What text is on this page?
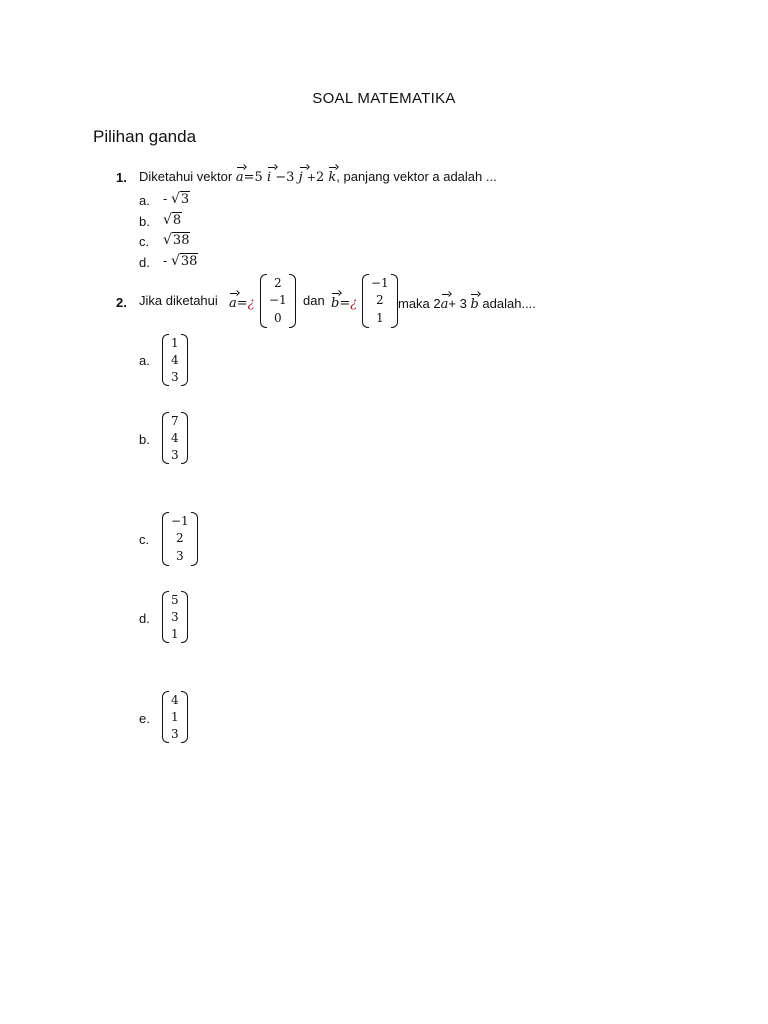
SOAL MATEMATIKA
Pilihan ganda
1. Diketahui vektor a=5 i −3 j +2 k, panjang vektor a adalah ...
a. - √3
b. √8
c. √38
d. - √38
2. Jika diketahui a=¿
2
−1
0
dan b=¿
−1
2
1
maka 2a+ 3 b adalah....
a.
1
4
3
b.
7
4
3
c.
−1
2
3
d.
5
3
1
e.
4
1
3
